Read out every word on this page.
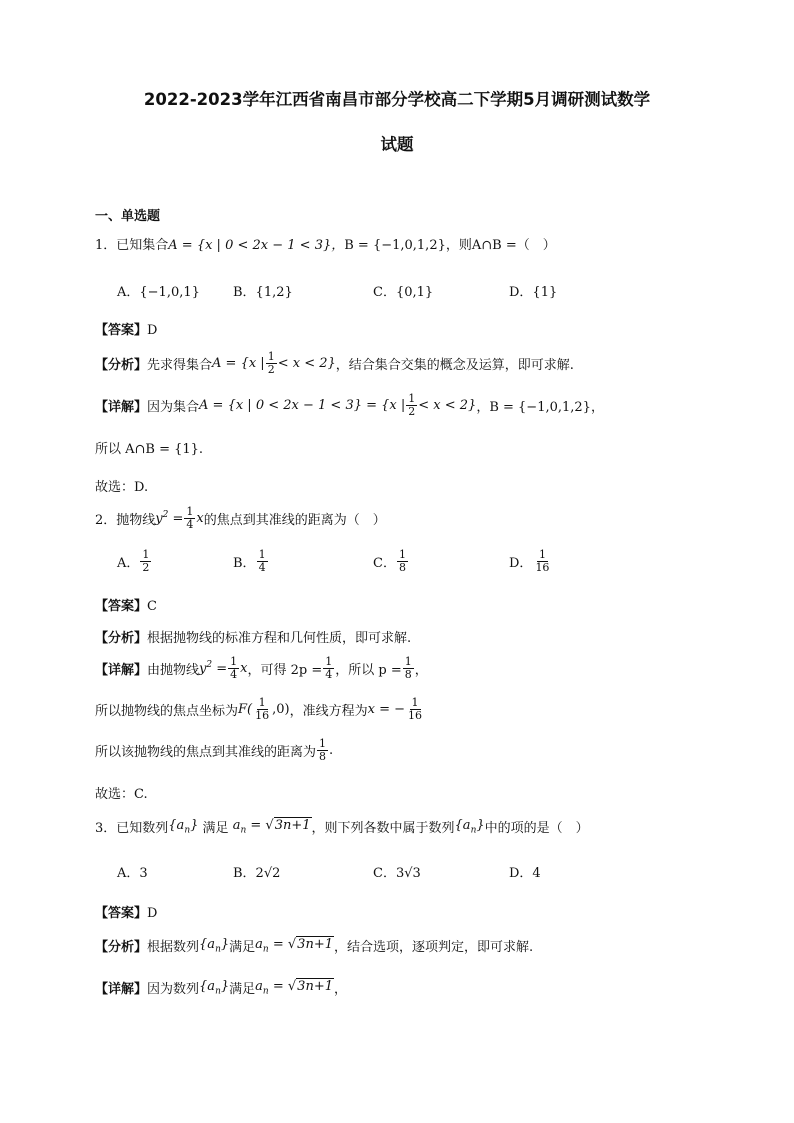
2022-2023学年江西省南昌市部分学校高二下学期5月调研测试数学
试题
一、单选题
1．已知集合A = {x | 0 < 2x − 1 < 3}，B = {−1,0,1,2}，则A∩B =（　）
A．{−1,0,1}	B．{1,2}	C．{0,1}	D．{1}
【答案】D
【分析】 先求得集合 A = {x | $\frac{1}{2} < x < 2$} ，结合集合交集的概念及运算，即可求解.
【详解】 因为集合 A = {x | 0 < 2x − 1 < 3} = {x | $\frac{1}{2} < x < 2$} ，B = {−1,0,1,2}，
所以 A∩B = {1}.
故选：D.
2．抛物线 $y^2 = \frac{1}{4}$ x 的焦点到其准线的距离为（　）
A． $\frac{1}{2}$	B． $\frac{1}{4}$	C． $\frac{1}{8}$	D． $\frac{1}{16}$
【答案】C
【分析】根据抛物线的标准方程和几何性质，即可求解.
【详解】 由抛物线 $y^2 = \frac{1}{4}$ x ，可得 $2p = \frac{1}{4}$ ，所以 $p = \frac{1}{8}$ ，
所以抛物线的焦点坐标为 $F( \frac{1}{16} ,0)$ ，准线方程为 x = − $\frac{1}{16}$
所以该抛物线的焦点到其准线的距离为 $\frac{1}{8}$ .
故选：C.
3．已知数列 $\{a_n\}$
满足
$a_n = √3n+1$ ，则下列各数中属于数列 $\{a_n\}$ 中的项的是（　）
A．3	B．2√2	C．3√3	D．4
【答案】D
【分析】 根据数列 $\{a_n\}$ 满足 $a_n = √3n+1$ ，结合选项，逐项判定，即可求解.
【详解】 因为数列 $\{a_n\}$ 满足 $a_n = √3n+1$ ，
